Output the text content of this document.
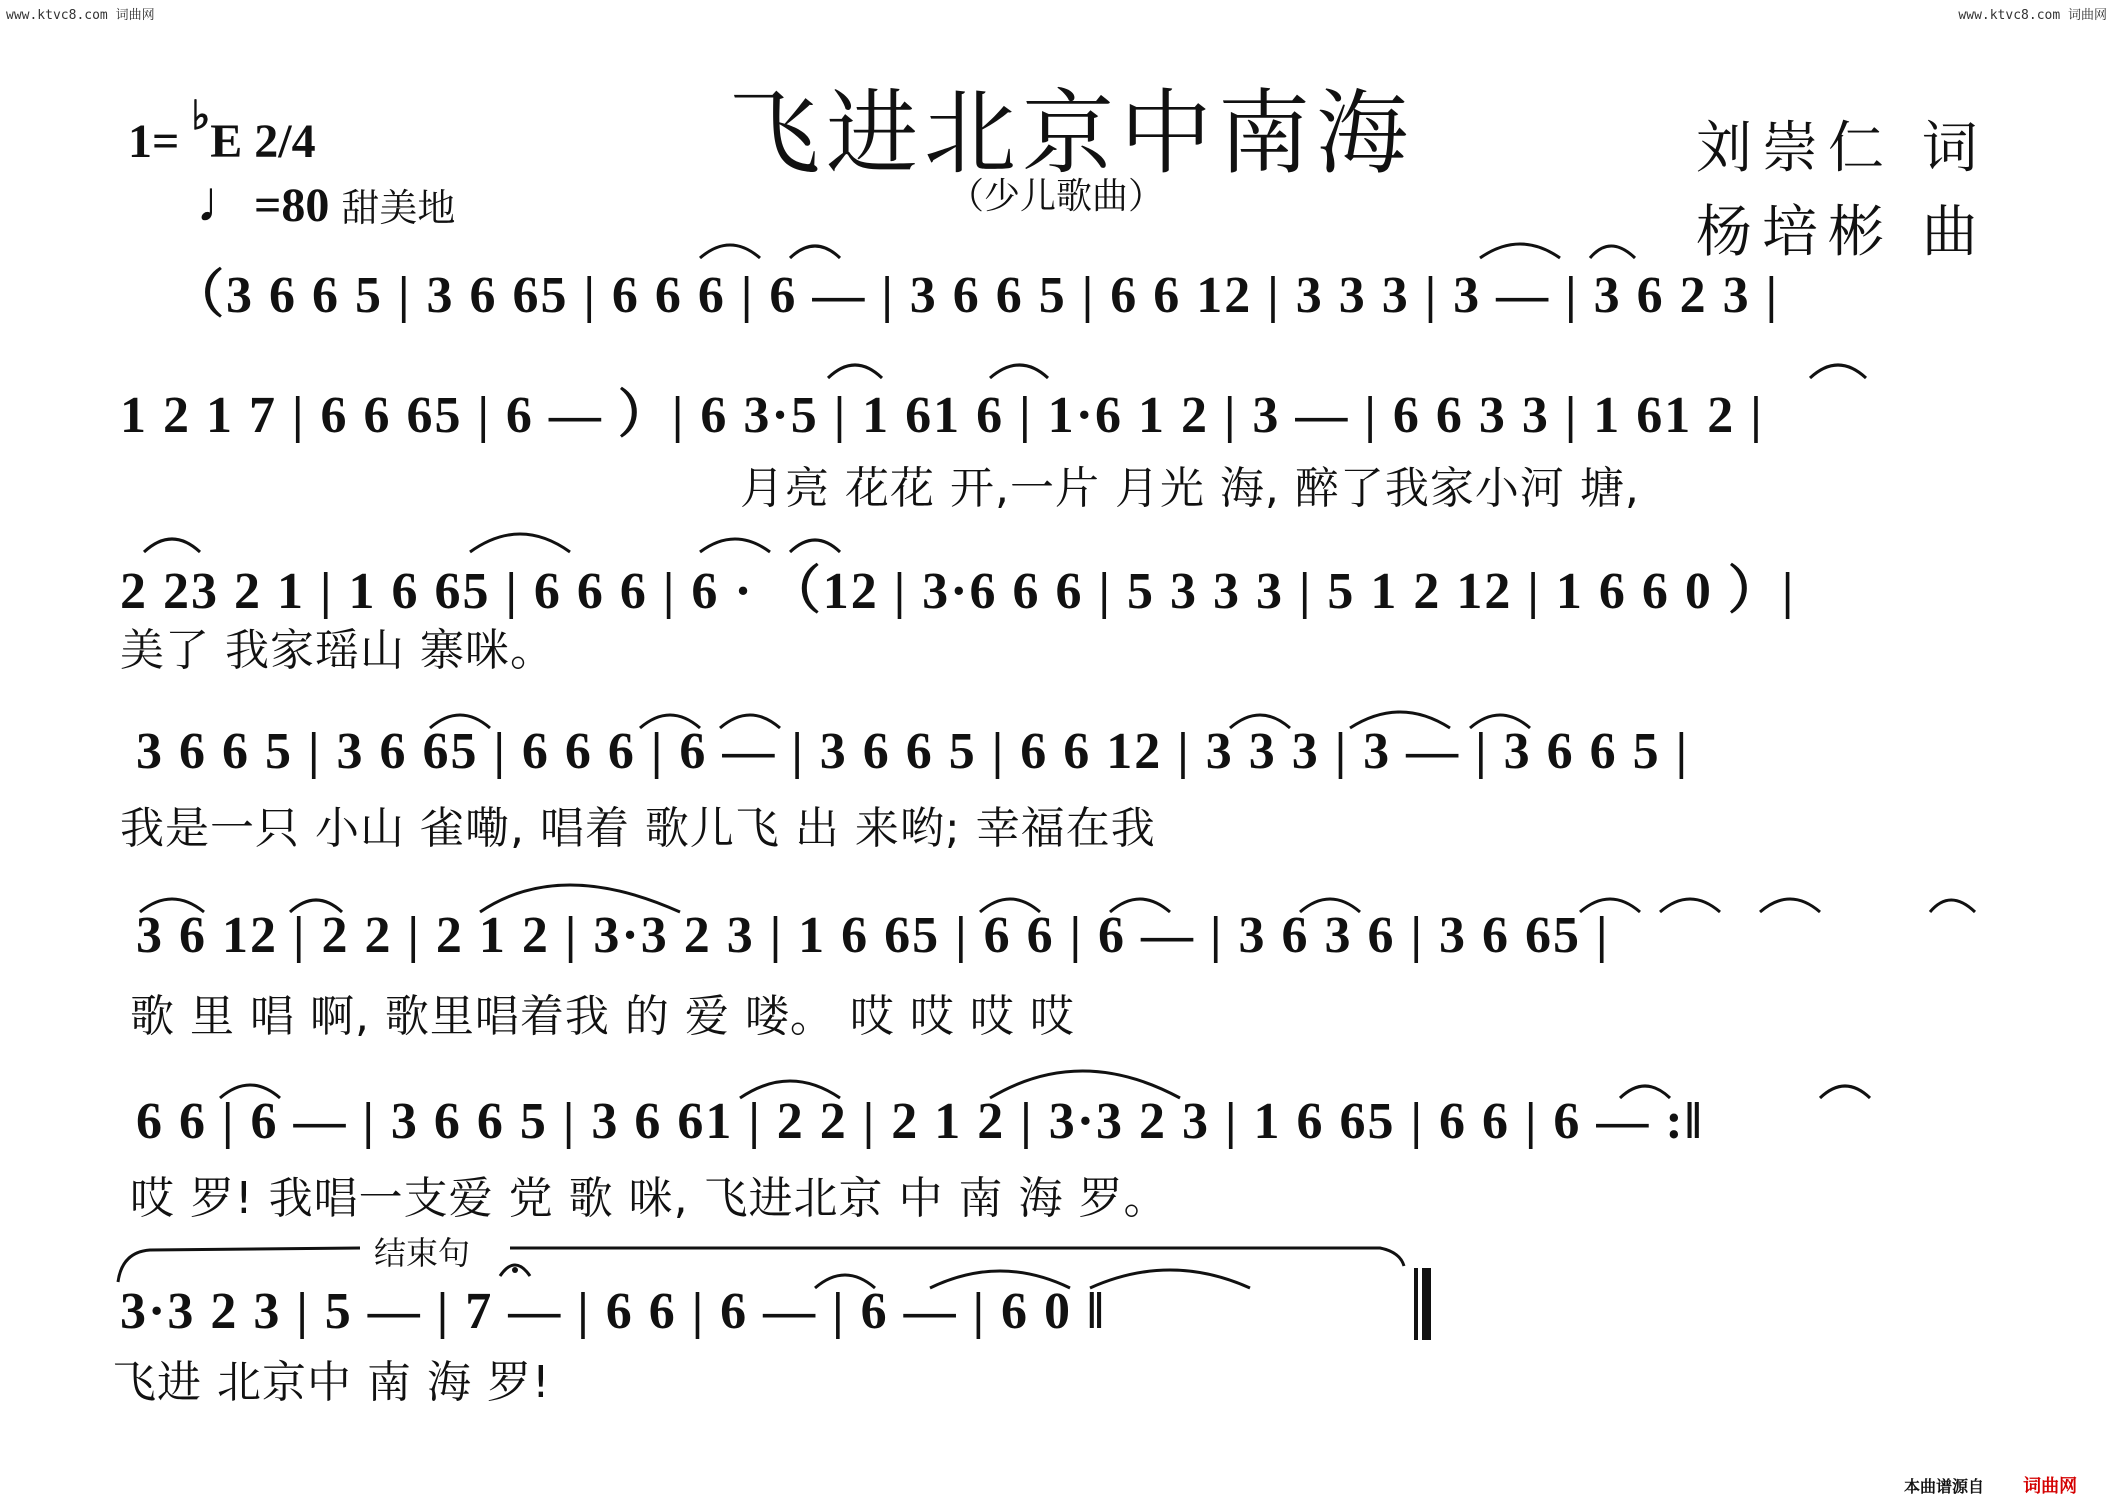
www.ktvc8.com 词曲网	www.ktvc8.com 词曲网
1= ♭E 2/4
♩=80 甜美地
飞进北京中南海
（少儿歌曲）
刘崇仁 词
杨培彬 曲
（3 6 6 5 | 3 6 65 | 6 6 6 | 6 — | 3 6 6 5 | 6 6 12 | 3 3 3 | 3 — | 3 6 2 3 |
1 2 1 7 | 6 6 65 | 6 — ）| 6 3·5 | 1 61 6 | 1·6 1 2 | 3 — | 6 6 3 3 | 1 61 2 |
月亮 花花 开,一片 月光 海, 醉了我家小河 塘,
2 23 2 1 | 1 6 65 | 6 6 6 | 6 · （12 | 3·6 6 6 | 5 3 3 3 | 5 1 2 12 | 1 6 6 0 ）|
美了 我家瑶山 寨咪。
3 6 6 5 | 3 6 65 | 6 6 6 | 6 — | 3 6 6 5 | 6 6 12 | 3 3 3 | 3 — | 3 6 6 5 |
我是一只 小山 雀嘞, 唱着 歌儿飞 出 来哟; 幸福在我
3 6 12 | 2 2 | 2 1 2 | 3·3 2 3 | 1 6 65 | 6 6 | 6 — | 3 6 3 6 | 3 6 65 |
歌 里 唱 啊, 歌里唱着我 的 爱 喽。 哎 哎 哎 哎
6 6 | 6 — | 3 6 6 5 | 3 6 61 | 2 2 | 2 1 2 | 3·3 2 3 | 1 6 65 | 6 6 | 6 — :‖
哎 罗! 我唱一支爱 党 歌 咪, 飞进北京 中 南 海 罗。
结束句
3·3 2 3 | 5 — | 7 — | 6 6 | 6 — | 6 — | 6 0 ‖
飞进 北京中 南 海 罗!
本曲谱源自 词曲网
